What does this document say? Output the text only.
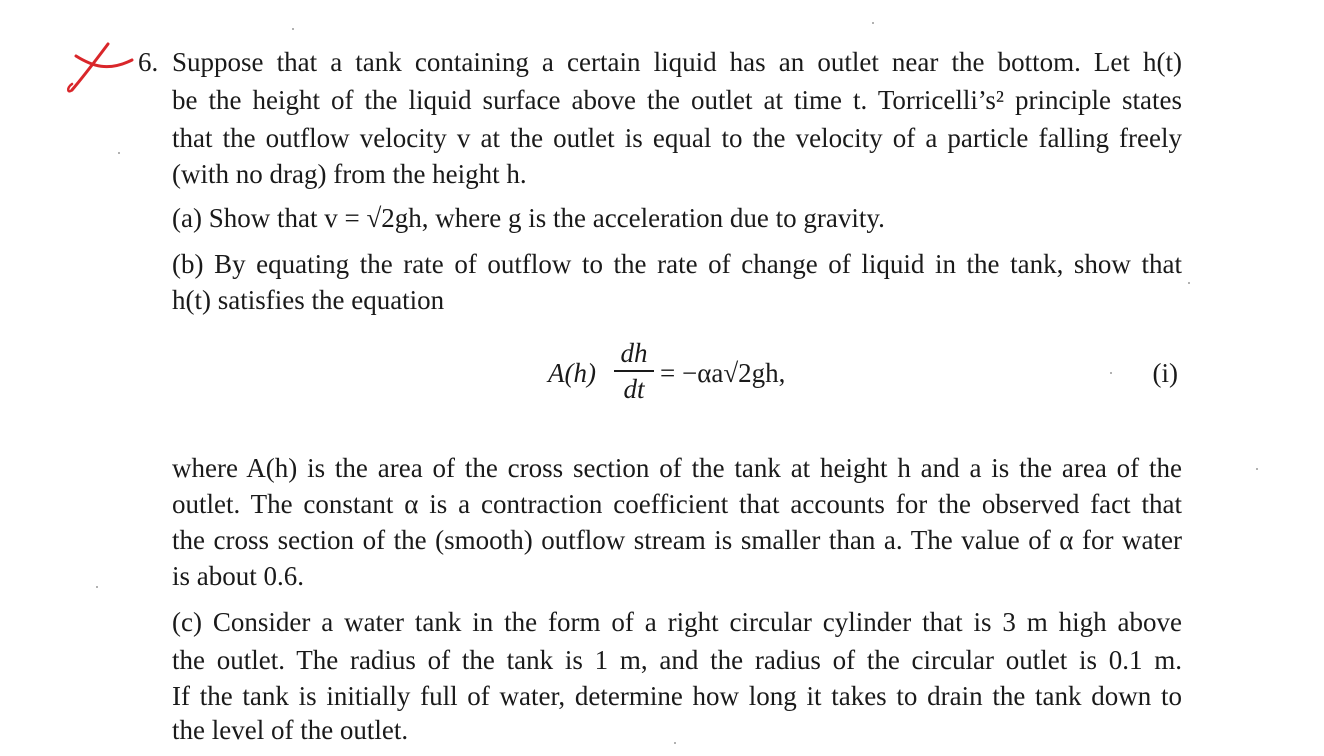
6. Suppose that a tank containing a certain liquid has an outlet near the bottom. Let h(t)
be the height of the liquid surface above the outlet at time t. Torricelli’s² principle states
that the outflow velocity v at the outlet is equal to the velocity of a particle falling freely
(with no drag) from the height h.
(a) Show that v = √2gh, where g is the acceleration due to gravity.
(b) By equating the rate of outflow to the rate of change of liquid in the tank, show that
h(t) satisfies the equation
A(h)
dh
dt
= −αa√2gh,	(i)
where A(h) is the area of the cross section of the tank at height h and a is the area of the
outlet. The constant α is a contraction coefficient that accounts for the observed fact that
the cross section of the (smooth) outflow stream is smaller than a. The value of α for water
is about 0.6.
(c) Consider a water tank in the form of a right circular cylinder that is 3 m high above
the outlet. The radius of the tank is 1 m, and the radius of the circular outlet is 0.1 m.
If the tank is initially full of water, determine how long it takes to drain the tank down to
the level of the outlet.
